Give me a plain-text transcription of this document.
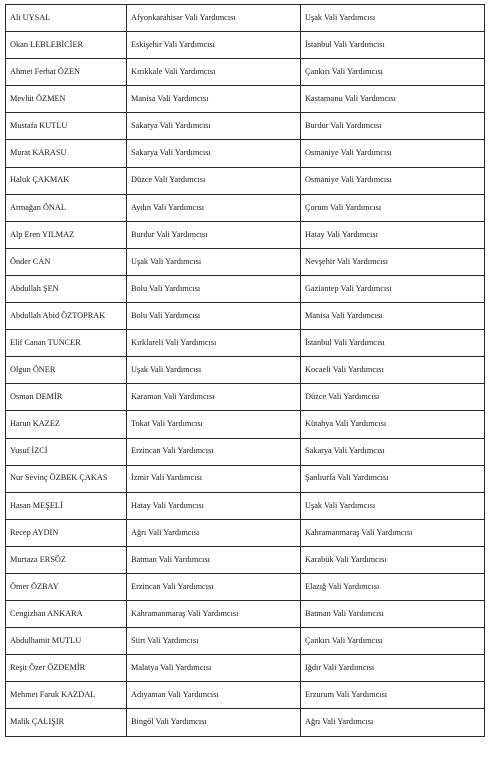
Ali UYSAL	Afyonkarahisar Vali Yardımcısı	Uşak Vali Yardımcısı
Okan LEBLEBİCİER	Eskişehir Vali Yardımcısı	İstanbul Vali Yardımcısı
Ahmet Ferhat ÖZEN	Kırıkkale Vali Yardımcısı	Çankırı Vali Yardımcısı
Mevlüt ÖZMEN	Manisa Vali Yardımcısı	Kastamonu Vali Yardımcısı
Mustafa KUTLU	Sakarya Vali Yardımcısı	Burdur Vali Yardımcısı
Murat KARASU	Sakarya Vali Yardımcısı	Osmaniye Vali Yardımcısı
Haluk ÇAKMAK	Düzce Vali Yardımcısı	Osmaniye Vali Yardımcısı
Armağan ÖNAL	Aydın Vali Yardımcısı	Çorum Vali Yardımcısı
Alp Eren YILMAZ	Burdur Vali Yardımcısı	Hatay Vali Yardımcısı
Önder CAN	Uşak Vali Yardımcısı	Nevşehir Vali Yardımcısı
Abdullah ŞEN	Bolu Vali Yardımcısı	Gaziantep Vali Yardımcısı
Abdullah Abid ÖZTOPRAK	Bolu Vali Yardımcısı	Manisa Vali Yardımcısı
Elif Canan TUNCER	Kırklareli Vali Yardımcısı	İstanbul Vali Yardımcısı
Olgun ÖNER	Uşak Vali Yardımcısı	Kocaeli Vali Yardımcısı
Osman DEMİR	Karaman Vali Yardımcısı	Düzce Vali Yardımcısı
Harun KAZEZ	Tokat Vali Yardımcısı	Kütahya Vali Yardımcısı
Yusuf İZCİ	Erzincan Vali Yardımcısı	Sakarya Vali Yardımcısı
Nur Sevinç ÖZBEK ÇAKAS	İzmir Vali Yardımcısı	Şanlıurfa Vali Yardımcısı
Hasan MEŞELİ	Hatay Vali Yardımcısı	Uşak Vali Yardımcısı
Recep AYDIN	Ağrı Vali Yardımcısı	Kahramanmaraş Vali Yardımcısı
Murtaza ERSÖZ	Batman Vali Yardımcısı	Karabük Vali Yardımcısı
Ömer ÖZBAY	Erzincan Vali Yardımcısı	Elazığ Vali Yardımcısı
Cengizhan ANKARA	Kahramanmaraş Vali Yardımcısı	Batman Vali Yardımcısı
Abdulhamit MUTLU	Siirt Vali Yardımcısı	Çankırı Vali Yardımcısı
Reşit Özer ÖZDEMİR	Malatya Vali Yardımcısı	Iğdır Vali Yardımcısı
Mehmet Faruk KAZDAL	Adıyaman Vali Yardımcısı	Erzurum Vali Yardımcısı
Malik ÇALIŞIR	Bingöl Vali Yardımcısı	Ağrı Vali Yardımcısı
